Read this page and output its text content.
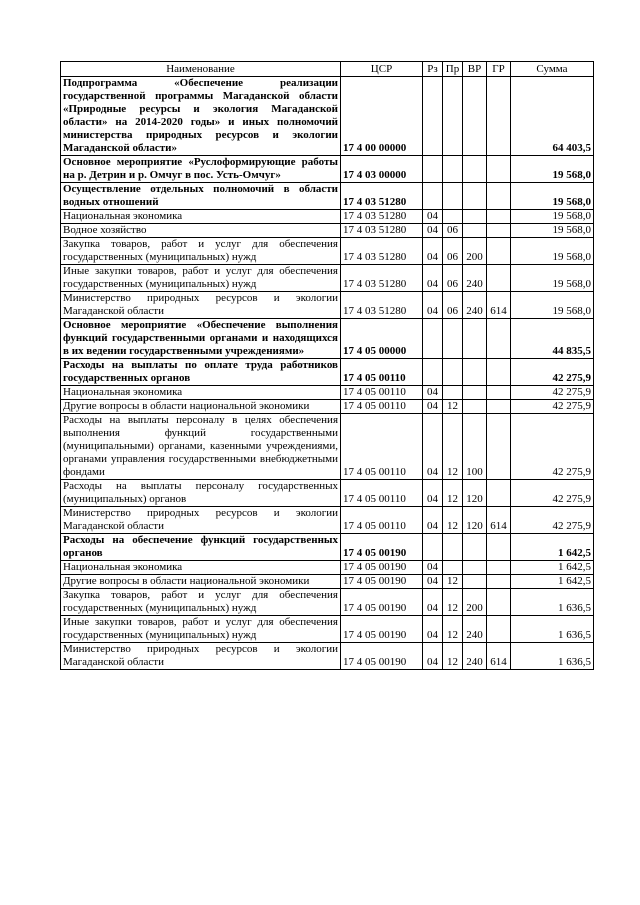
Наименование	ЦСР	Рз	Пр	ВР	ГР	Сумма
Подпрограмма «Обеспечение реализации государственной программы Магаданской области «Природные ресурсы и экология Магаданской области» на 2014-2020 годы» и иных полномочий министерства природных ресурсов и экологии Магаданской области»	17 4 00 00000					64 403,5
Основное мероприятие «Руслоформирующие работы на р. Детрин и р. Омчуг в пос. Усть-Омчуг»	17 4 03 00000					19 568,0
Осуществление отдельных полномочий в области водных отношений	17 4 03 51280					19 568,0
Национальная экономика	17 4 03 51280	04				19 568,0
Водное хозяйство	17 4 03 51280	04	06			19 568,0
Закупка товаров, работ и услуг для обеспечения государственных (муниципальных) нужд	17 4 03 51280	04	06	200		19 568,0
Иные закупки товаров, работ и услуг для обеспечения государственных (муниципальных) нужд	17 4 03 51280	04	06	240		19 568,0
Министерство природных ресурсов и экологии Магаданской области	17 4 03 51280	04	06	240	614	19 568,0
Основное мероприятие «Обеспечение выполнения функций государственными органами и находящихся в их ведении государственными учреждениями»	17 4 05 00000					44 835,5
Расходы на выплаты по оплате труда работников государственных органов	17 4 05 00110					42 275,9
Национальная экономика	17 4 05 00110	04				42 275,9
Другие вопросы в области национальной экономики	17 4 05 00110	04	12			42 275,9
Расходы на выплаты персоналу в целях обеспечения выполнения функций государственными (муниципальными) органами, казенными учреждениями, органами управления государственными внебюджетными фондами	17 4 05 00110	04	12	100		42 275,9
Расходы на выплаты персоналу государственных (муниципальных) органов	17 4 05 00110	04	12	120		42 275,9
Министерство природных ресурсов и экологии Магаданской области	17 4 05 00110	04	12	120	614	42 275,9
Расходы на обеспечение функций государственных органов	17 4 05 00190					1 642,5
Национальная экономика	17 4 05 00190	04				1 642,5
Другие вопросы в области национальной экономики	17 4 05 00190	04	12			1 642,5
Закупка товаров, работ и услуг для обеспечения государственных (муниципальных) нужд	17 4 05 00190	04	12	200		1 636,5
Иные закупки товаров, работ и услуг для обеспечения государственных (муниципальных) нужд	17 4 05 00190	04	12	240		1 636,5
Министерство природных ресурсов и экологии Магаданской области	17 4 05 00190	04	12	240	614	1 636,5
